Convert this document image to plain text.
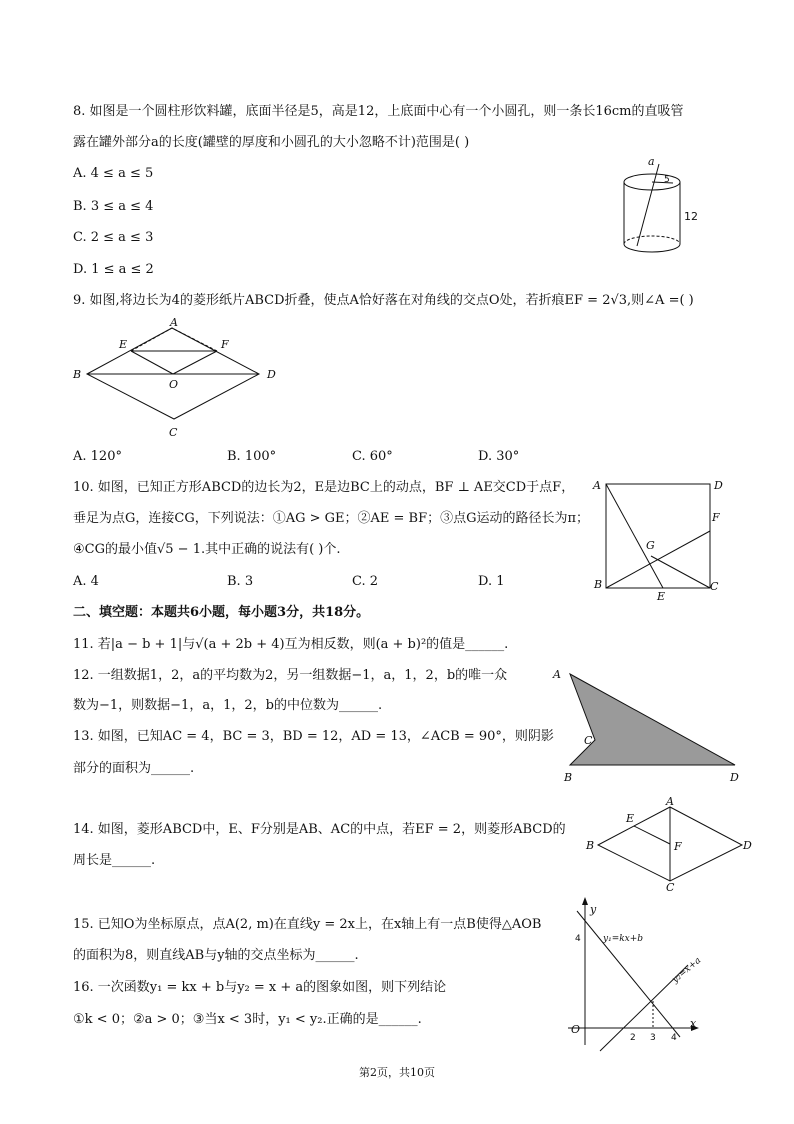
8. 如图是一个圆柱形饮料罐，底面半径是5，高是12，上底面中心有一个小圆孔，则一条长16cm的直吸管
露在罐外部分a的长度(罐壁的厚度和小圆孔的大小忽略不计)范围是( )
A. 4 ≤ a ≤ 5
B. 3 ≤ a ≤ 4
C. 2 ≤ a ≤ 3
D. 1 ≤ a ≤ 2
a
5
12
9. 如图,将边长为4的菱形纸片ABCD折叠，使点A恰好落在对角线的交点O处，若折痕EF = 2√3,则∠A =( )
A
B
C
D
E	F
O
A. 120°	B. 100°	C. 60°	D. 30°
10. 如图，已知正方形ABCD的边长为2，E是边BC上的动点，BF ⊥ AE交CD于点F，
垂足为点G，连接CG，下列说法：①AG > GE；②AE = BF；③点G运动的路径长为π；
④CG的最小值√5 − 1.其中正确的说法有( )个.
A. 4	B. 3	C. 2	D. 1
A	D
B	C
F
G
E
二、填空题：本题共6小题，每小题3分，共18分。
11. 若|a − b + 1|与√(a + 2b + 4)互为相反数，则(a + b)²的值是______.
12. 一组数据1，2，a的平均数为2，另一组数据−1，a，1，2，b的唯一众
数为−1，则数据−1，a，1，2，b的中位数为______.
13. 如图，已知AC = 4，BC = 3，BD = 12，AD = 13，∠ACB = 90°，则阴影
部分的面积为______.
A
C
B	D
14. 如图，菱形ABCD中，E、F分别是AB、AC的中点，若EF = 2，则菱形ABCD的
周长是______.
A
B
C
D
E
F
15. 已知O为坐标原点，点A(2, m)在直线y = 2x上，在x轴上有一点B使得△AOB
的面积为8，则直线AB与y轴的交点坐标为______.
16. 一次函数y₁ = kx + b与y₂ = x + a的图象如图，则下列结论
①k < 0；②a > 0；③当x < 3时，y₁ < y₂.正确的是______.
y
x
O
4
2 3 4
y₁=kx+b
y₂=x+a
第2页，共10页
